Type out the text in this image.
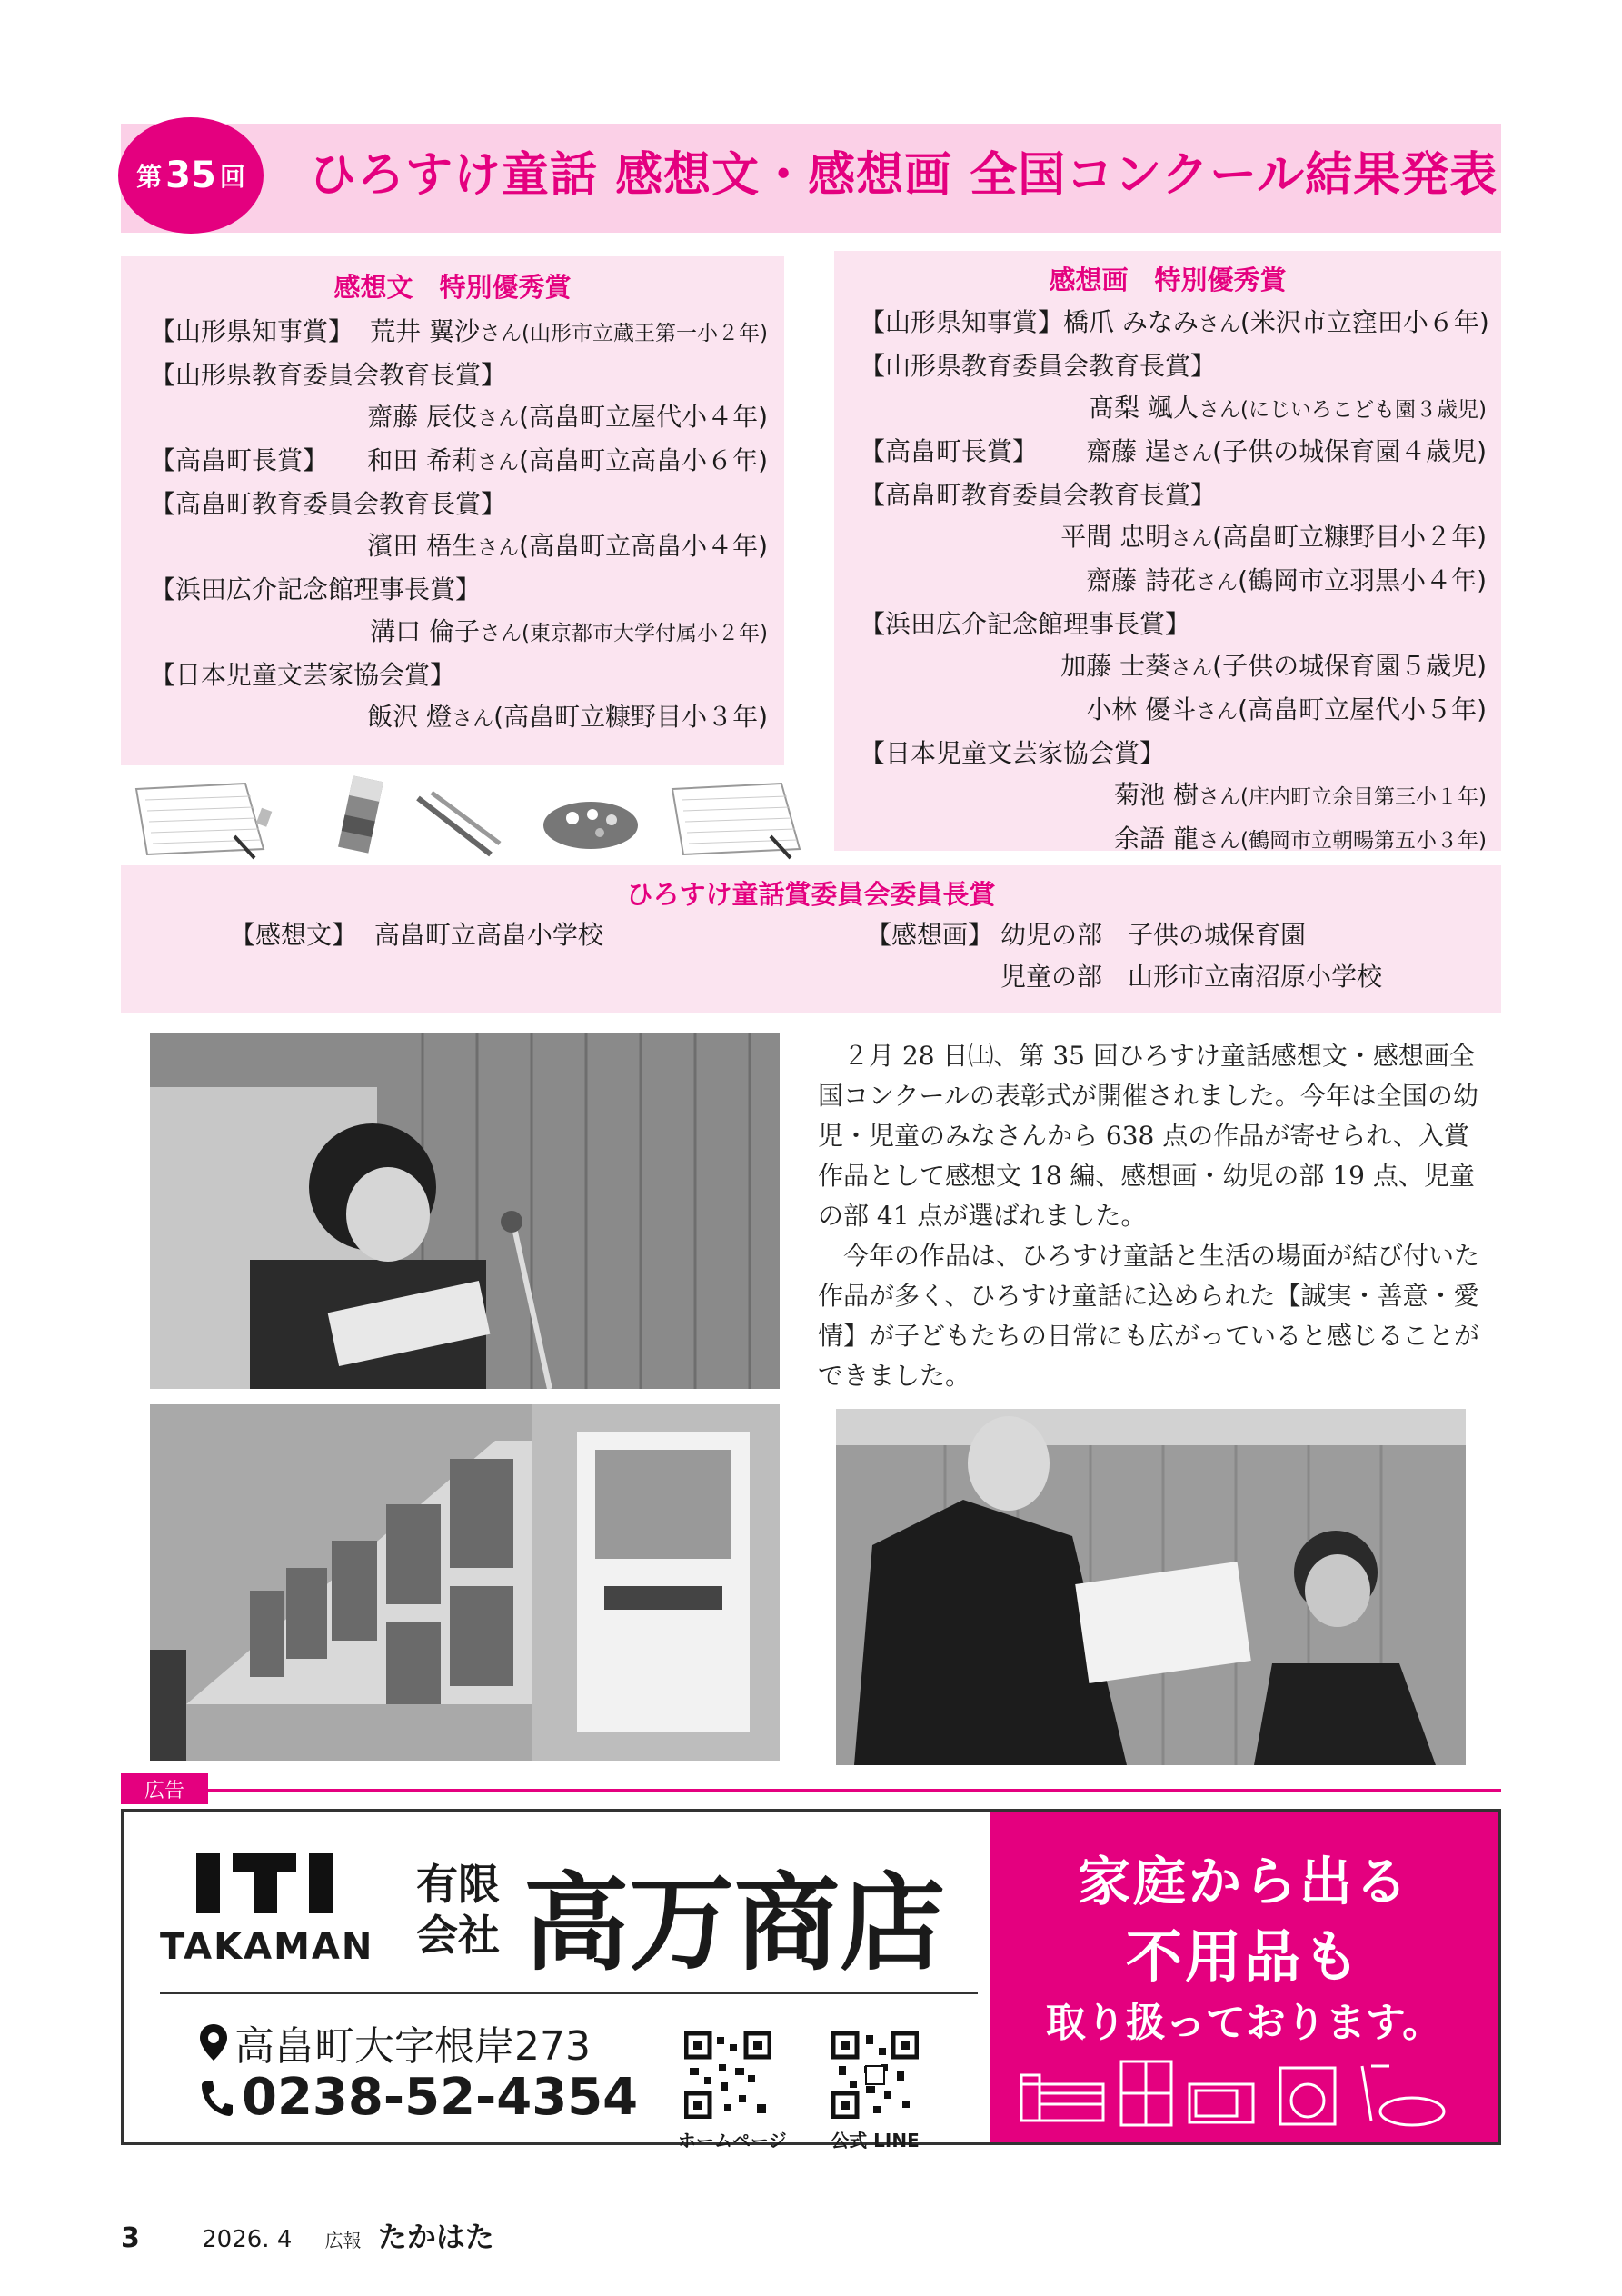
第 35 回 ひろすけ童話 感想文・感想画 全国コンクール結果発表
感想文　特別優秀賞
【山形県知事賞】 荒井 翼沙さん(山形市立蔵王第一小２年)
【山形県教育委員会教育長賞】
齋藤 辰伎さん(高畠町立屋代小４年)
【高畠町長賞】 和田 希莉さん(高畠町立高畠小６年)
【高畠町教育委員会教育長賞】
濱田 梧生さん(高畠町立高畠小４年)
【浜田広介記念館理事長賞】
溝口 倫子さん(東京都市大学付属小２年)
【日本児童文芸家協会賞】
飯沢 燈さん(高畠町立糠野目小３年)
感想画　特別優秀賞
【山形県知事賞】 橋爪 みなみさん(米沢市立窪田小６年)
【山形県教育委員会教育長賞】
髙梨 颯人さん(にじいろこども園３歳児)
【高畠町長賞】 齋藤 逞さん(子供の城保育園４歳児)
【高畠町教育委員会教育長賞】
平間 忠明さん(高畠町立糠野目小２年)
齋藤 詩花さん(鶴岡市立羽黒小４年)
【浜田広介記念館理事長賞】
加藤 士葵さん(子供の城保育園５歳児)
小林 優斗さん(高畠町立屋代小５年)
【日本児童文芸家協会賞】
菊池 樹さん(庄内町立余目第三小１年)
余語 龍さん(鶴岡市立朝暘第五小３年)
ひろすけ童話賞委員会委員長賞
【感想文】 高畠町立高畠小学校	【感想画】 幼児の部　子供の城保育園
児童の部　山形市立南沼原小学校

２月 28 日㈯、第 35 回ひろすけ童話感想文・感想画全国コンクールの表彰式が開催されました。今年は全国の幼児・児童のみなさんから 638 点の作品が寄せられ、入賞作品として感想文 18 編、感想画・幼児の部 19 点、児童の部 41 点が選ばれました。

今年の作品は、ひろすけ童話と生活の場面が結び付いた作品が多く、ひろすけ童話に込められた【誠実・善意・愛情】が子どもたちの日常にも広がっていると感じることができました。

広告
TAKAMAN
有限
会社 高万商店
高畠町大字根岸273
0238-52-4354
ホームページ	公式 LINE
家庭から出る
不用品も
取り扱っております。
3	2026. 4 広報 たかはた
